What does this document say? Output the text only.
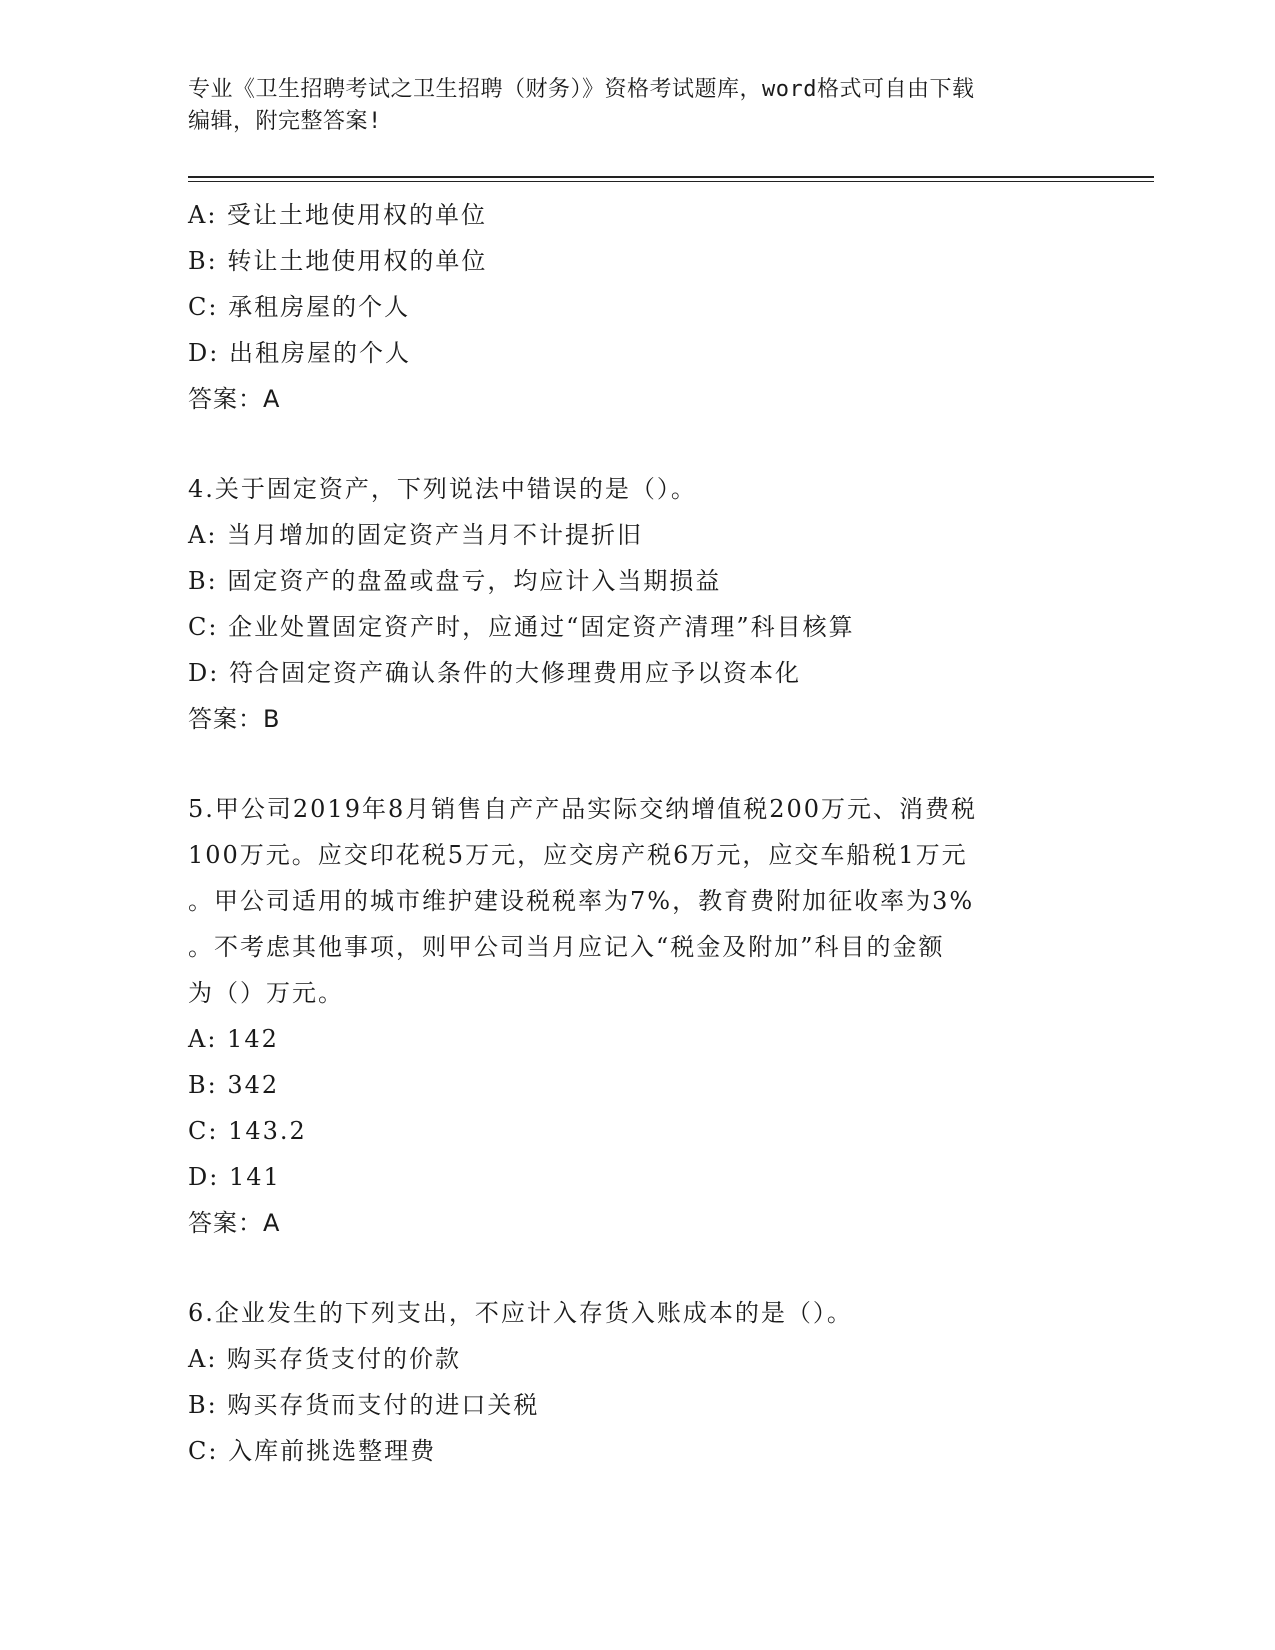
专业《卫生招聘考试之卫生招聘（财务）》资格考试题库，word格式可自由下载
编辑，附完整答案!
A: 受让土地使用权的单位
B: 转让土地使用权的单位
C: 承租房屋的个人
D: 出租房屋的个人
答案：A
4.关于固定资产，下列说法中错误的是（）。
A: 当月增加的固定资产当月不计提折旧
B: 固定资产的盘盈或盘亏，均应计入当期损益
C: 企业处置固定资产时，应通过“固定资产清理”科目核算
D: 符合固定资产确认条件的大修理费用应予以资本化
答案：B
5.甲公司2019年8月销售自产产品实际交纳增值税200万元、消费税
100万元。应交印花税5万元，应交房产税6万元，应交车船税1万元
。甲公司适用的城市维护建设税税率为7%，教育费附加征收率为3%
。不考虑其他事项，则甲公司当月应记入“税金及附加”科目的金额
为（）万元。
A: 142
B: 342
C: 143.2
D: 141
答案：A
6.企业发生的下列支出，不应计入存货入账成本的是（）。
A: 购买存货支付的价款
B: 购买存货而支付的进口关税
C: 入库前挑选整理费
